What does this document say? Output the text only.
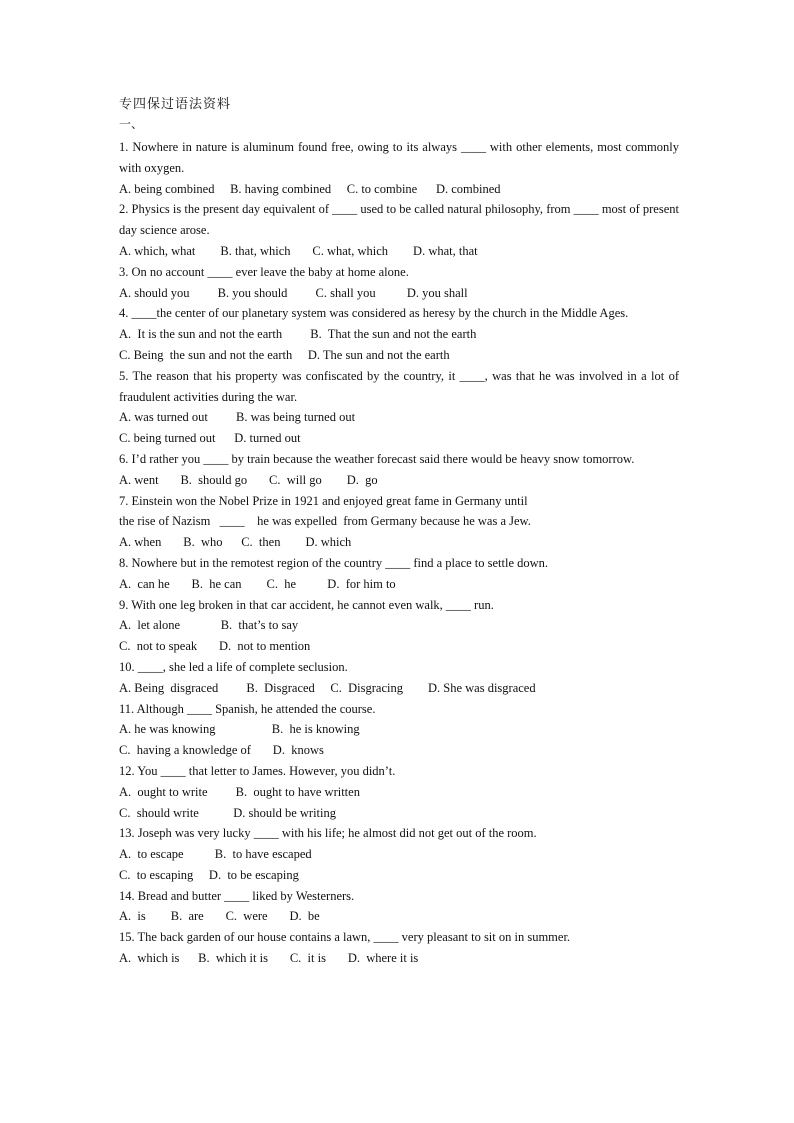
专四保过语法资料
一、
1. Nowhere in nature is aluminum found free, owing to its always ____ with other elements, most commonly with oxygen.
A. being combined     B. having combined     C. to combine      D. combined
2. Physics is the present day equivalent of ____ used to be called natural philosophy, from ____ most of present day science arose.
A. which, what        B. that, which       C. what, which        D. what, that
3. On no account ____ ever leave the baby at home alone.
A. should you         B. you should         C. shall you          D. you shall
4. ____the center of our planetary system was considered as heresy by the church in the Middle Ages.
A.  It is the sun and not the earth         B.  That the sun and not the earth
C. Being  the sun and not the earth     D. The sun and not the earth
5. The reason that his property was confiscated by the country, it ____, was that he was involved in a lot of fraudulent activities during the war.
A. was turned out         B. was being turned out
C. being turned out      D. turned out
6. I’d rather you ____ by train because the weather forecast said there would be heavy snow tomorrow.
A. went       B.  should go       C.  will go        D.  go
7. Einstein won the Nobel Prize in 1921 and enjoyed great fame in Germany until
the rise of Nazism   ____    he was expelled  from Germany because he was a Jew.
A. when       B.  who      C.  then        D. which
8. Nowhere but in the remotest region of the country ____ find a place to settle down.
A.  can he       B.  he can        C.  he          D.  for him to
9. With one leg broken in that car accident, he cannot even walk, ____ run.
A.  let alone             B.  that’s to say
C.  not to speak       D.  not to mention
10. ____, she led a life of complete seclusion.
A. Being  disgraced         B.  Disgraced     C.  Disgracing        D. She was disgraced
11. Although ____ Spanish, he attended the course.
A. he was knowing                  B.  he is knowing
C.  having a knowledge of       D.  knows
12. You ____ that letter to James. However, you didn’t.
A.  ought to write         B.  ought to have written
C.  should write           D. should be writing
13. Joseph was very lucky ____ with his life; he almost did not get out of the room.
A.  to escape          B.  to have escaped
C.  to escaping     D.  to be escaping
14. Bread and butter ____ liked by Westerners.
A.  is        B.  are       C.  were       D.  be
15. The back garden of our house contains a lawn, ____ very pleasant to sit on in summer.
A.  which is      B.  which it is       C.  it is       D.  where it is
